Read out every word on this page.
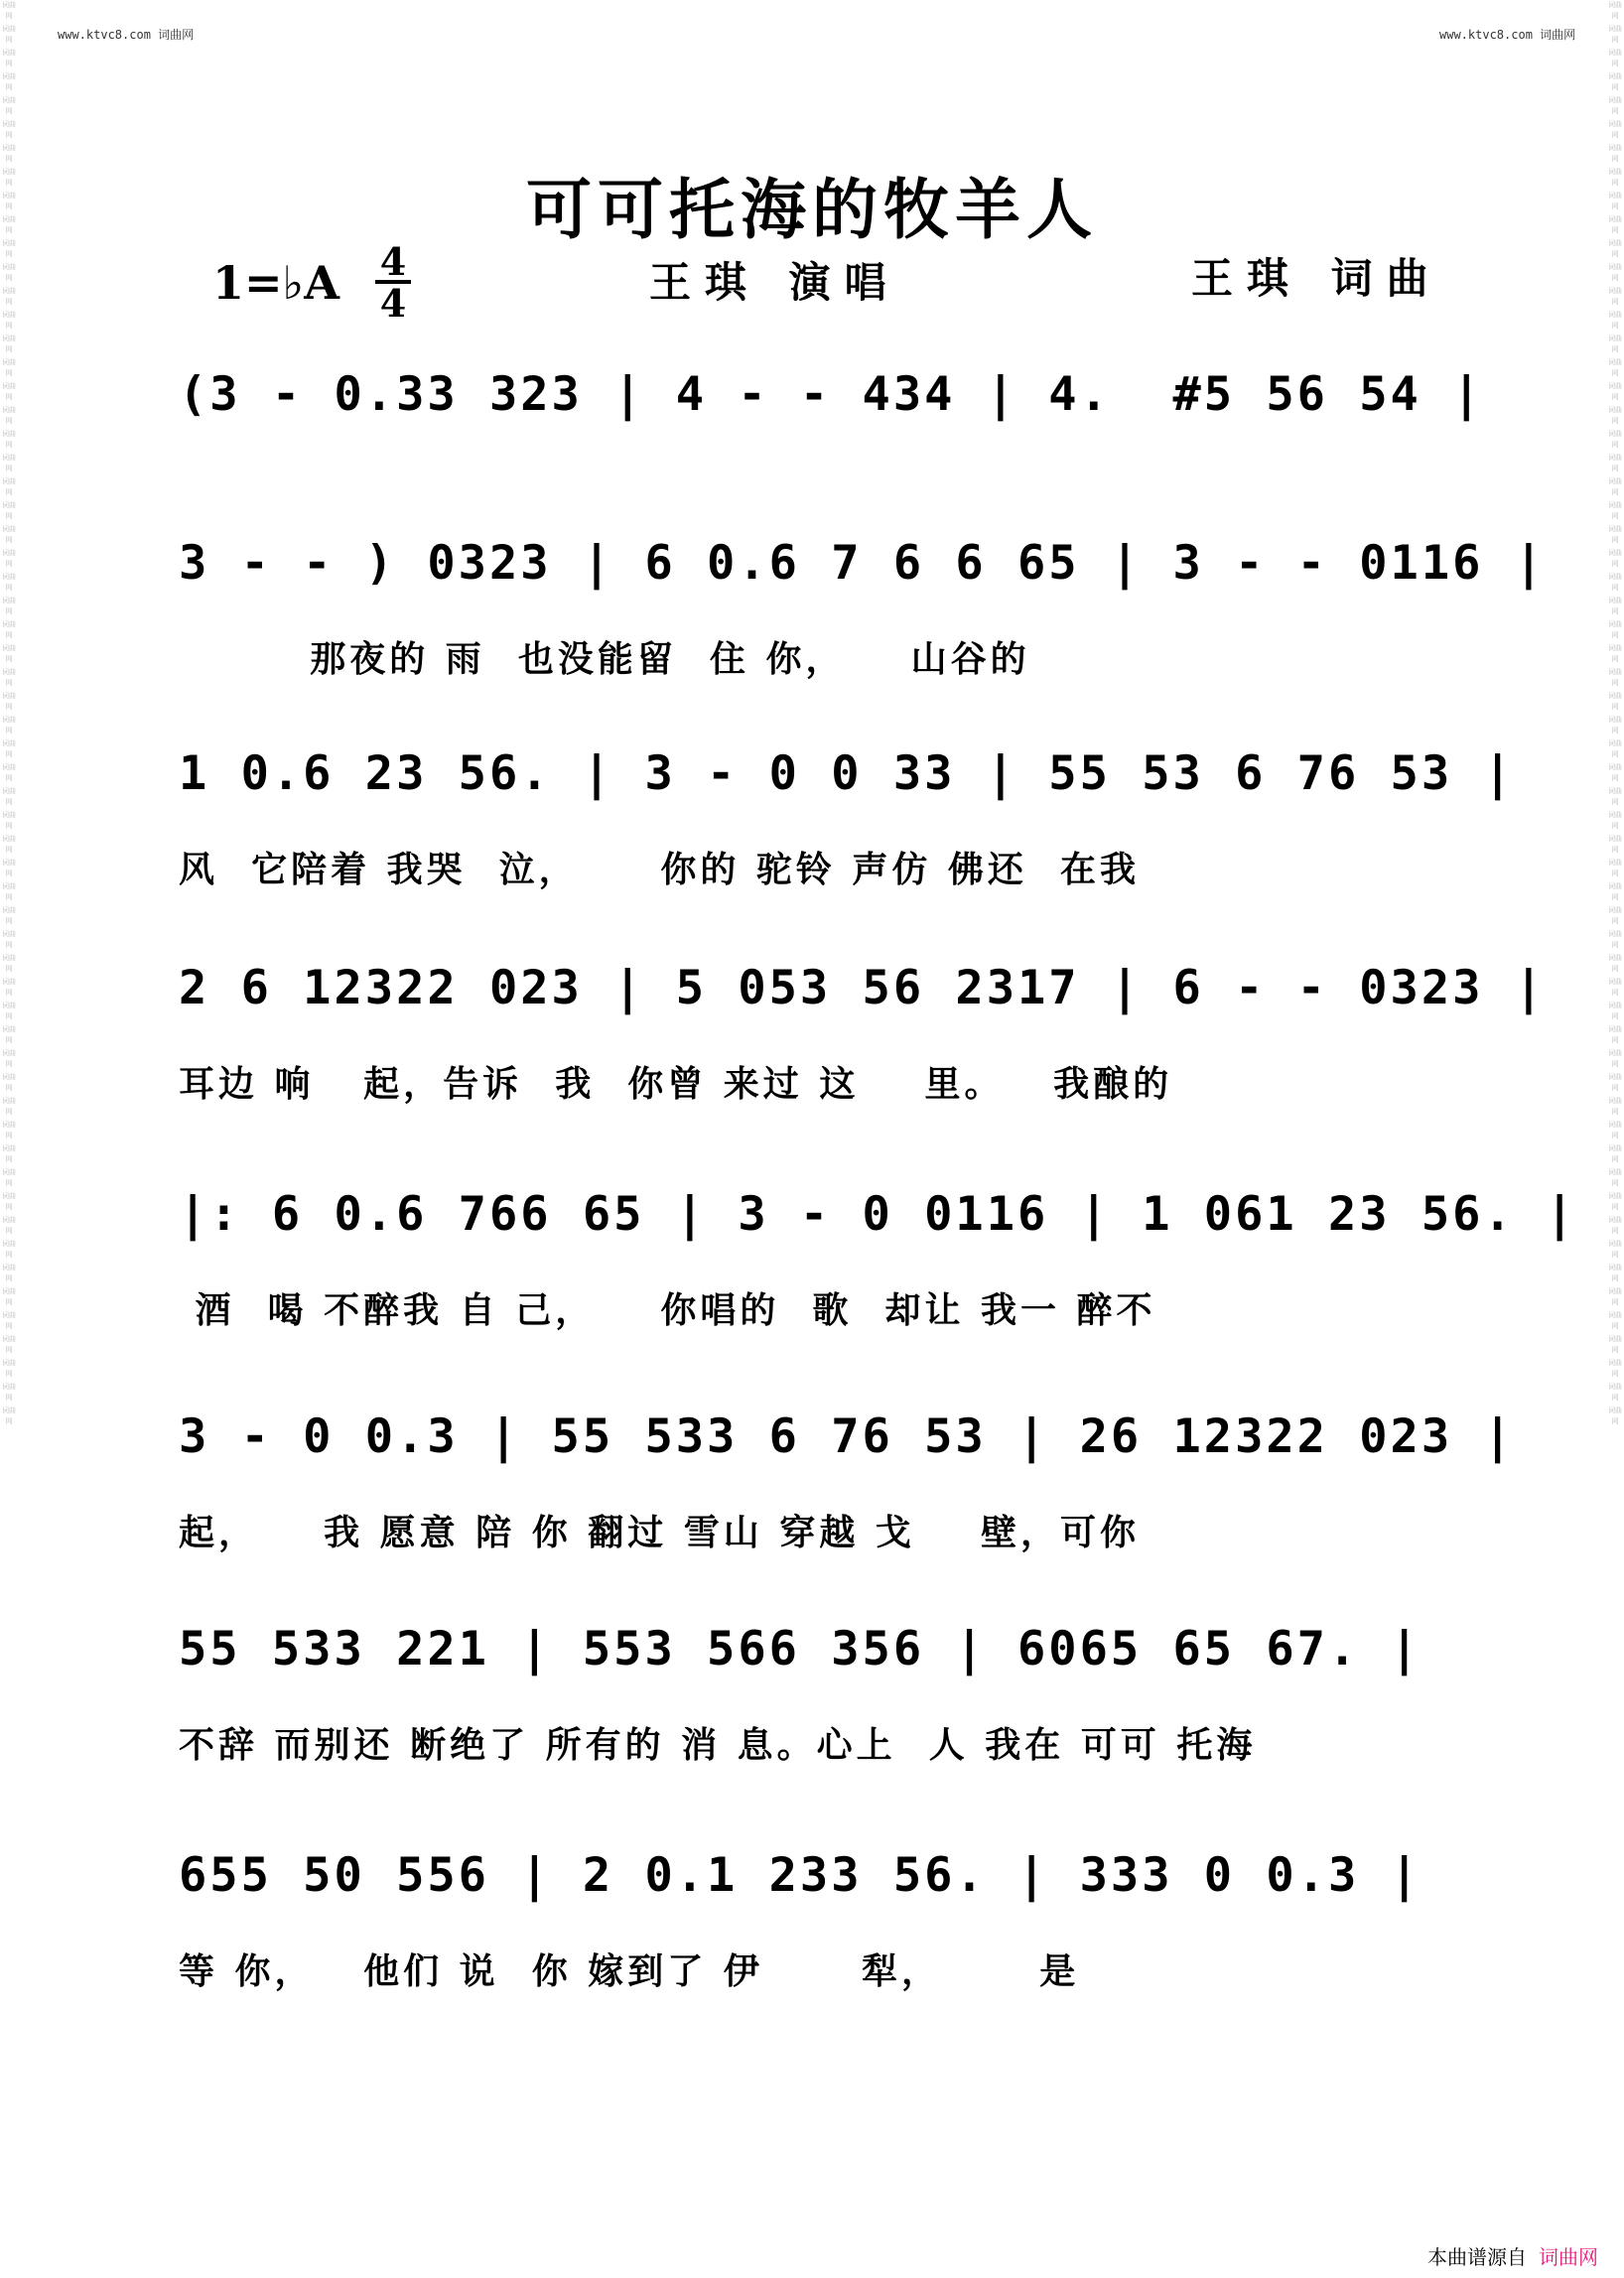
www.ktvc8.com 词曲网	www.ktvc8.com 词曲网
词曲网
词曲网
词曲网
词曲网
词曲网
词曲网
词曲网
词曲网
词曲网
词曲网
词曲网
词曲网
词曲网
词曲网
词曲网
词曲网
词曲网
词曲网
词曲网
词曲网
词曲网
词曲网
词曲网
词曲网
词曲网
词曲网
词曲网
词曲网
词曲网
词曲网
词曲网
词曲网
词曲网
词曲网
词曲网
词曲网
词曲网
词曲网
词曲网
词曲网
词曲网
词曲网
词曲网
词曲网
词曲网
词曲网
词曲网
词曲网
词曲网
词曲网
词曲网
词曲网
词曲网
词曲网
词曲网
词曲网
词曲网
词曲网
词曲网
词曲网
词曲网
词曲网
词曲网
词曲网
词曲网
词曲网
词曲网
词曲网
词曲网
词曲网
词曲网
词曲网
词曲网
词曲网
词曲网
词曲网
词曲网
词曲网
词曲网
词曲网
词曲网
词曲网
词曲网
词曲网
词曲网
词曲网
词曲网
词曲网
词曲网
词曲网
词曲网
词曲网
词曲网
词曲网
词曲网
词曲网
词曲网
词曲网
词曲网
词曲网
词曲网
词曲网
词曲网
词曲网
词曲网
词曲网
词曲网
词曲网
词曲网
词曲网
词曲网
词曲网
词曲网
词曲网
词曲网
词曲网
词曲网
词曲网
词曲网
词曲网
可可托海的牧羊人
1=♭A 4
4	王琪 演唱	王琪 词曲
(3 - 0.33 323 | 4 - - 434 | 4.  #5 56 54 |
3 - - ) 0323 | 6 0.6 7 6 6 65 | 3 - - 0116 |
那夜的 雨  也没能留  住 你，    山谷的
1 0.6 23 56. | 3 - 0 0 33 | 55 53 6 76 53 |
风  它陪着 我哭  泣，     你的 驼铃 声仿 佛还  在我
2 6 12322 023 | 5 053 56 2317 | 6 - - 0323 |
耳边 响   起，告诉  我  你曾 来过 这    里。   我酿的
|: 6 0.6 766 65 | 3 - 0 0116 | 1 061 23 56. |
酒  喝 不醉我 自 己，    你唱的  歌  却让 我一 醉不
3 - 0 0.3 | 55 533 6 76 53 | 26 12322 023 |
起，    我 愿意 陪 你 翻过 雪山 穿越 戈    壁，可你
55 533 221 | 553 566 356 | 6065 65 67. |
不辞 而别还 断绝了 所有的 消 息。心上  人 我在 可可 托海
655 50 556 | 2 0.1 233 56. | 333 0 0.3 |
等 你，   他们 说  你 嫁到了 伊      犁，      是
本曲谱源自 词曲网
